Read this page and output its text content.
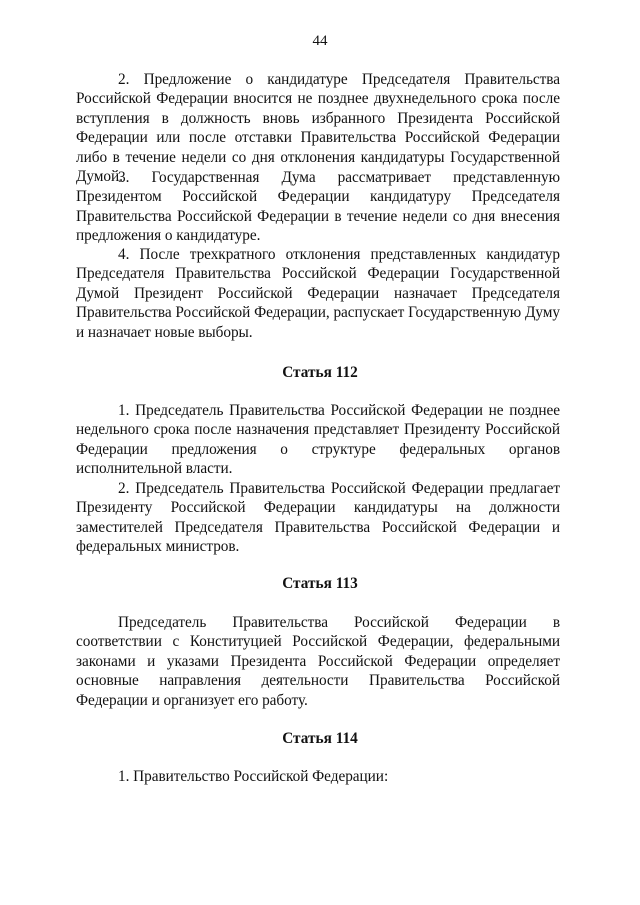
44

2. Предложение о кандидатуре Председателя Правительства Российской Федерации вносится не позднее двухнедельного срока после вступления в должность вновь избранного Президента Российской Федерации или после отставки Правительства Российской Федерации либо в течение недели со дня отклонения кандидатуры Государственной Думой.

3. Государственная Дума рассматривает представленную Президентом Российской Федерации кандидатуру Председателя Правительства Российской Федерации в течение недели со дня внесения предложения о кандидатуре.

4. После трехкратного отклонения представленных кандидатур Председателя Правительства Российской Федерации Государственной Думой Президент Российской Федерации назначает Председателя Правительства Российской Федерации, распускает Государственную Думу и назначает новые выборы.

Статья 112

1. Председатель Правительства Российской Федерации не позднее недельного срока после назначения представляет Президенту Российской Федерации предложения о структуре федеральных органов исполнительной власти.

2. Председатель Правительства Российской Федерации предлагает Президенту Российской Федерации кандидатуры на должности заместителей Председателя Правительства Российской Федерации и федеральных министров.

Статья 113

Председатель Правительства Российской Федерации в соответствии с Конституцией Российской Федерации, федеральными законами и указами Президента Российской Федерации определяет основные направления деятельности Правительства Российской Федерации и организует его работу.

Статья 114

1. Правительство Российской Федерации:
